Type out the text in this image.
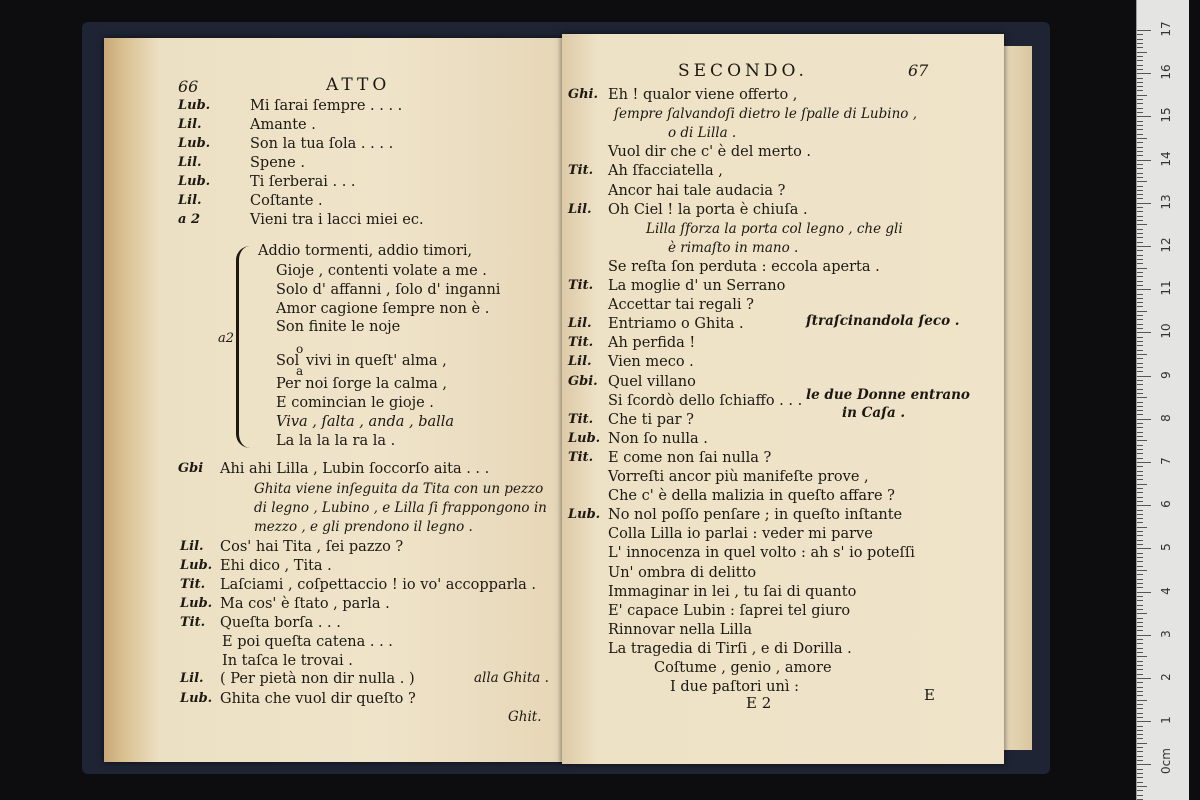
17
16
15
14
13
12
11
10
9
8
7
6
5
4
3
2
1
0cm
66	ATTO
Lub.	Mi ſarai ſempre . . . .
Lil.	Amante .
Lub.	Son la tua ſola . . . .
Lil.	Spene .
Lub.	Ti ſerberai . . .
Lil.	Coſtante .
a 2	Vieni tra i lacci miei ec.
a2
Addio tormenti, addio timori,
Gioje , contenti volate a me .
Solo d' affanni , ſolo d' inganni
Amor cagione ſempre non è .
Son finite le noje
vivi in queſt' alma ,
Per noi ſorge la calma ,
E comincian le gioje .
Viva , ſalta , anda , balla
La la la la ra la .
Sol
o
a
Gbi Ahi ahi Lilla , Lubin ſoccorſo aita . . .
Ghita viene inſeguita da Tita con un pezzo
di legno , Lubino , e Lilla ſi frappongono in
mezzo , e gli prendono il legno .
Lil. Cos' hai Tita , ſei pazzo ?
Lub. Ehi dico , Tita .
Tit. Laſciami , coſpettaccio ! io vo' accopparla .
Lub. Ma cos' è ſtato , parla .
Tit. Queſta borſa . . .
E poi queſta catena . . .
In taſca le trovai .
Lil. ( Per pietà non dir nulla . )
Lub. Ghita che vuol dir queſto ?
alla Ghita .
Ghit.
SECONDO.	67
Ghi. Eh ! qualor viene offerto ,
ſempre ſalvandoſi dietro le ſpalle di Lubino ,
o di Lilla .
Vuol dir che c' è del merto .
Tit. Ah ſfacciatella ,
Ancor hai tale audacia ?
Lil. Oh Ciel ! la porta è chiuſa .
Lilla ſforza la porta col legno , che gli
è rimaſto in mano .
Se reſta ſon perduta : eccola aperta .
Tit. La moglie d' un Serrano
Accettar tai regali ?
Lil. Entriamo o Ghita .
Tit. Ah perfida !
Lil. Vien meco .
Gbi. Quel villano
Si ſcordò dello ſchiaffo . . .
Tit. Che ti par ?
Lub. Non ſo nulla .
Tit. E come non ſai nulla ?
Vorreſti ancor più manifeſte prove ,
Che c' è della malizia in queſto affare ?
Lub. No nol poſſo penſare ; in queſto inſtante
Colla Lilla io parlai : veder mi parve
L' innocenza in quel volto : ah s' io poteſſi
Un' ombra di delitto
Immaginar in lei , tu ſai di quanto
E' capace Lubin : ſaprei tel giuro
Rinnovar nella Lilla
La tragedia di Tirſi , e di Dorilla .
Coſtume , genio , amore
I due paſtori unì :
ſtraſcinandola ſeco .
le due Donne entrano
in Caſa .
E 2	E
